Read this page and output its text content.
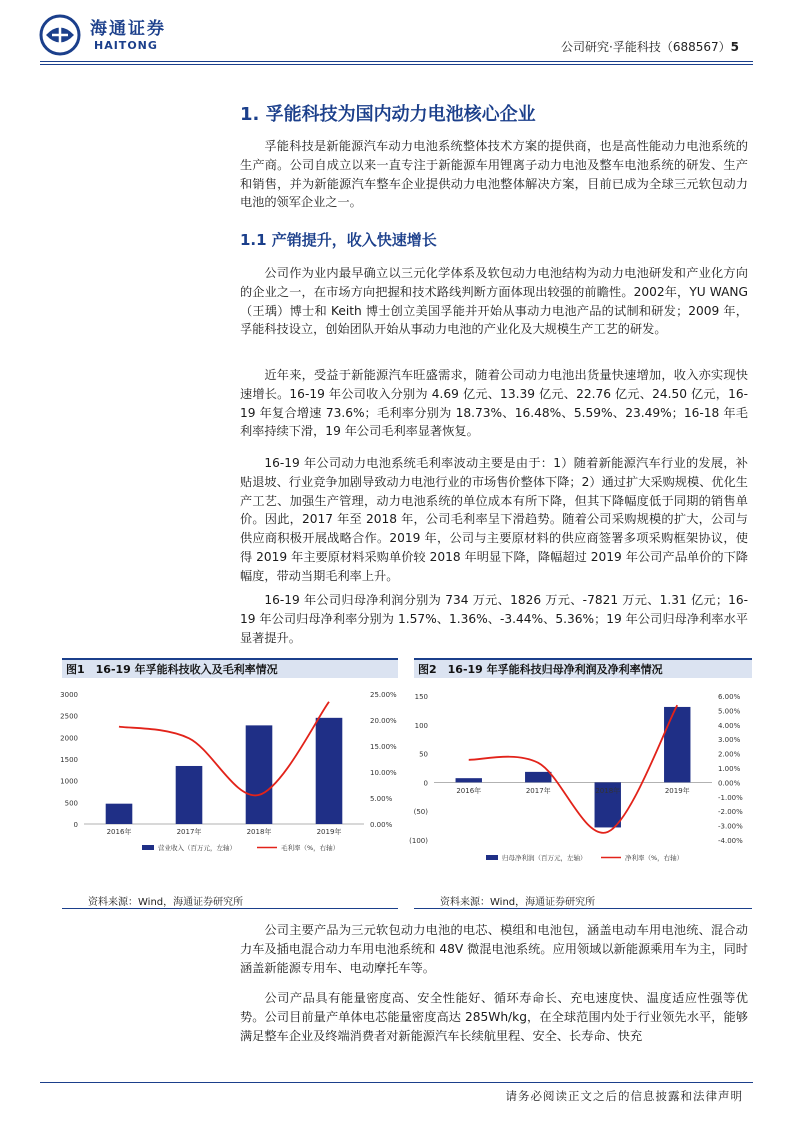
海通证券
HAITONG	公司研究·孚能科技（688567）5
1. 孚能科技为国内动力电池核心企业

孚能科技是新能源汽车动力电池系统整体技术方案的提供商，也是高性能动力电池系统的生产商。公司自成立以来一直专注于新能源车用锂离子动力电池及整车电池系统的研发、生产和销售，并为新能源汽车整车企业提供动力电池整体解决方案，目前已成为全球三元软包动力电池的领军企业之一。

1.1 产销提升，收入快速增长

公司作为业内最早确立以三元化学体系及软包动力电池结构为动力电池研发和产业化方向的企业之一，在市场方向把握和技术路线判断方面体现出较强的前瞻性。2002年，YU WANG（王瑀）博士和 Keith 博士创立美国孚能并开始从事动力电池产品的试制和研发；2009 年，孚能科技设立，创始团队开始从事动力电池的产业化及大规模生产工艺的研发。

近年来，受益于新能源汽车旺盛需求，随着公司动力电池出货量快速增加，收入亦实现快速增长。16-19 年公司收入分别为 4.69 亿元、13.39 亿元、22.76 亿元、24.50 亿元，16-19 年复合增速 73.6%；毛利率分别为 18.73%、16.48%、5.59%、23.49%；16-18 年毛利率持续下滑，19 年公司毛利率显著恢复。

16-19 年公司动力电池系统毛利率波动主要是由于：1）随着新能源汽车行业的发展，补贴退坡、行业竞争加剧导致动力电池行业的市场售价整体下降；2）通过扩大采购规模、优化生产工艺、加强生产管理，动力电池系统的单位成本有所下降，但其下降幅度低于同期的销售单价。因此，2017 年至 2018 年，公司毛利率呈下滑趋势。随着公司采购规模的扩大，公司与供应商积极开展战略合作。2019 年，公司与主要原材料的供应商签署多项采购框架协议，使得 2019 年主要原材料采购单价较 2018 年明显下降，降幅超过 2019 年公司产品单价的下降幅度，带动当期毛利率上升。

16-19 年公司归母净利润分别为 734 万元、1826 万元、-7821 万元、1.31 亿元；16-19 年公司归母净利率分别为 1.57%、1.36%、-3.44%、5.36%；19 年公司归母净利率水平显著提升。

图1　16-19 年孚能科技收入及毛利率情况
0
500
1000
1500
2000
2500
3000
0.00%
5.00%
10.00%
15.00%
20.00%
25.00%
2016年	2017年	2018年	2019年
营业收入（百万元，左轴）	毛利率（%，右轴）
资料来源：Wind，海通证券研究所
图2　16-19 年孚能科技归母净利润及净利率情况
(100)
(50)
0
50
100
150
-4.00%
-3.00%
-2.00%
-1.00%
0.00%
1.00%
2.00%
3.00%
4.00%
5.00%
6.00%
2016年	2017年	2018年	2019年
归母净利润（百万元，左轴）	净利率（%，右轴）
资料来源：Wind，海通证券研究所

公司主要产品为三元软包动力电池的电芯、模组和电池包，涵盖电动车用电池统、混合动力车及插电混合动力车用电池系统和 48V 微混电池系统。应用领域以新能源乘用车为主，同时涵盖新能源专用车、电动摩托车等。

公司产品具有能量密度高、安全性能好、循环寿命长、充电速度快、温度适应性强等优势。公司目前量产单体电芯能量密度高达 285Wh/kg，在全球范围内处于行业领先水平，能够满足整车企业及终端消费者对新能源汽车长续航里程、安全、长寿命、快充

请务必阅读正文之后的信息披露和法律声明
